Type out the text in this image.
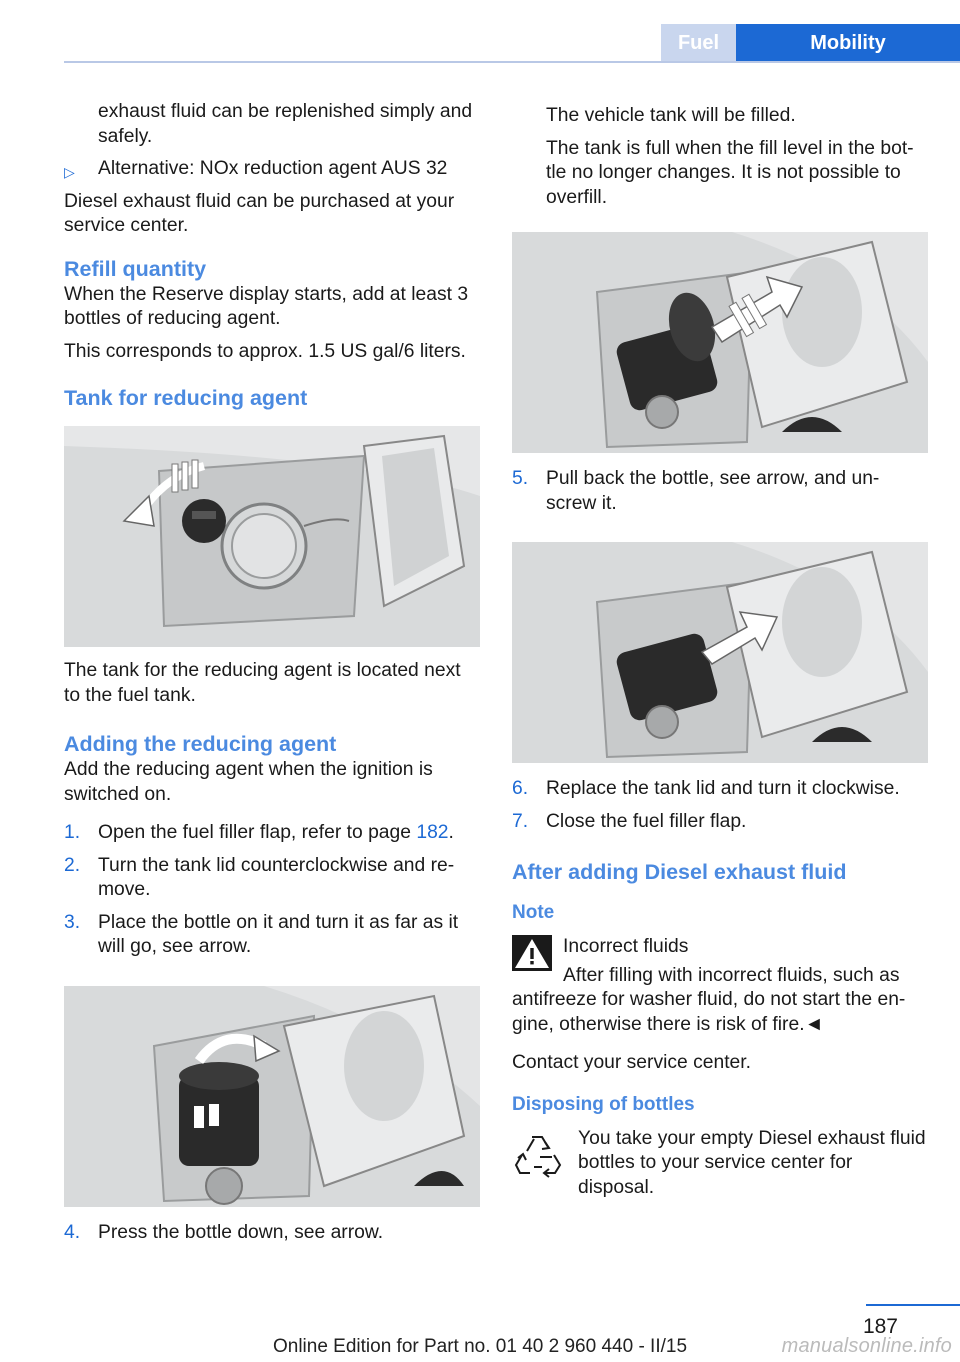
Fuel	Mobility

exhaust fluid can be replenished simply and safely.

▷ Alternative: NOx reduction agent AUS 32

Diesel exhaust fluid can be purchased at your service center.

Refill quantity

When the Reserve display starts, add at least 3 bottles of reducing agent.

This corresponds to approx. 1.5 US gal/6 liters.

Tank for reducing agent

The tank for the reducing agent is located next to the fuel tank.

Adding the reducing agent

Add the reducing agent when the ignition is switched on.

1. Open the fuel filler flap, refer to page 182.
2. Turn the tank lid counterclockwise and re-move.
3. Place the bottle on it and turn it as far as it will go, see arrow.
4. Press the bottle down, see arrow.

The vehicle tank will be filled.

The tank is full when the fill level in the bot-tle no longer changes. It is not possible to overfill.

5. Pull back the bottle, see arrow, and un-screw it.
6. Replace the tank lid and turn it clockwise.
7. Close the fuel filler flap.
After adding Diesel exhaust fluid
Note

Incorrect fluids

After filling with incorrect fluids, such as antifreeze for washer fluid, do not start the en-gine, otherwise there is risk of fire.◄

Contact your service center.

Disposing of bottles

You take your empty Diesel exhaust fluid bottles to your service center for disposal.

187
Online Edition for Part no. 01 40 2 960 440 - II/15	manualsonline.info
